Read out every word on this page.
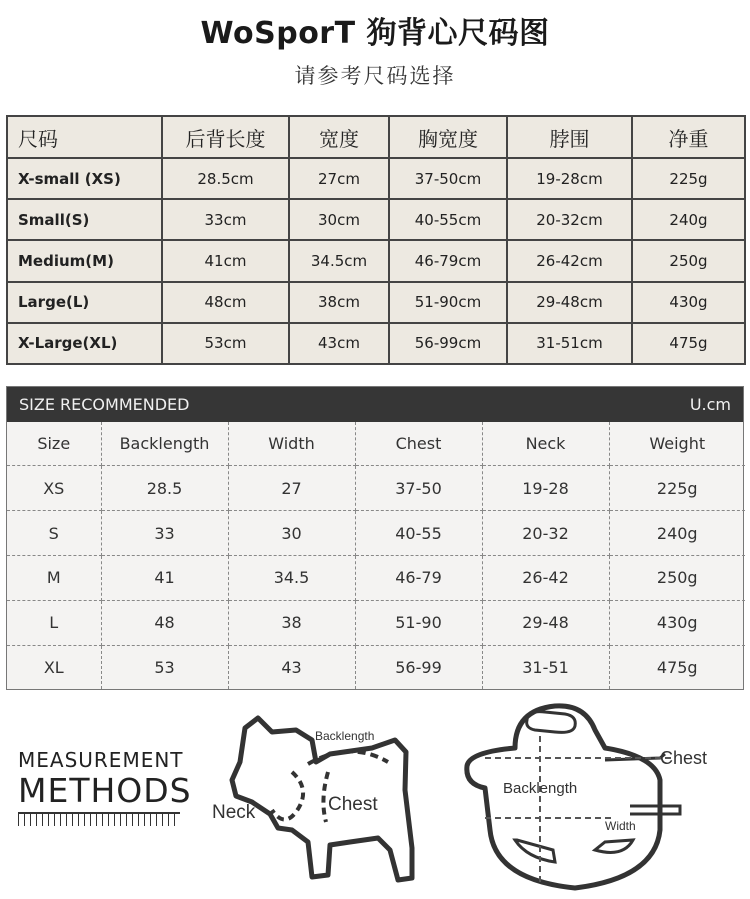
WoSporT 狗背心尺码图
请参考尺码选择
尺码	后背长度	宽度	胸宽度	脖围	净重
X-small (XS)	28.5cm	27cm	37-50cm	19-28cm	225g
Small(S)	33cm	30cm	40-55cm	20-32cm	240g
Medium(M)	41cm	34.5cm	46-79cm	26-42cm	250g
Large(L)	48cm	38cm	51-90cm	29-48cm	430g
X-Large(XL)	53cm	43cm	56-99cm	31-51cm	475g
SIZE RECOMMENDED	U.cm
Size	Backlength	Width	Chest	Neck	Weight
XS	28.5	27	37-50	19-28	225g
S	33	30	40-55	20-32	240g
M	41	34.5	46-79	26-42	250g
L	48	38	51-90	29-48	430g
XL	53	43	56-99	31-51	475g
MEASUREMENT
METHODS
Backlength
Neck	Chest
Chest
Backlength
Width
